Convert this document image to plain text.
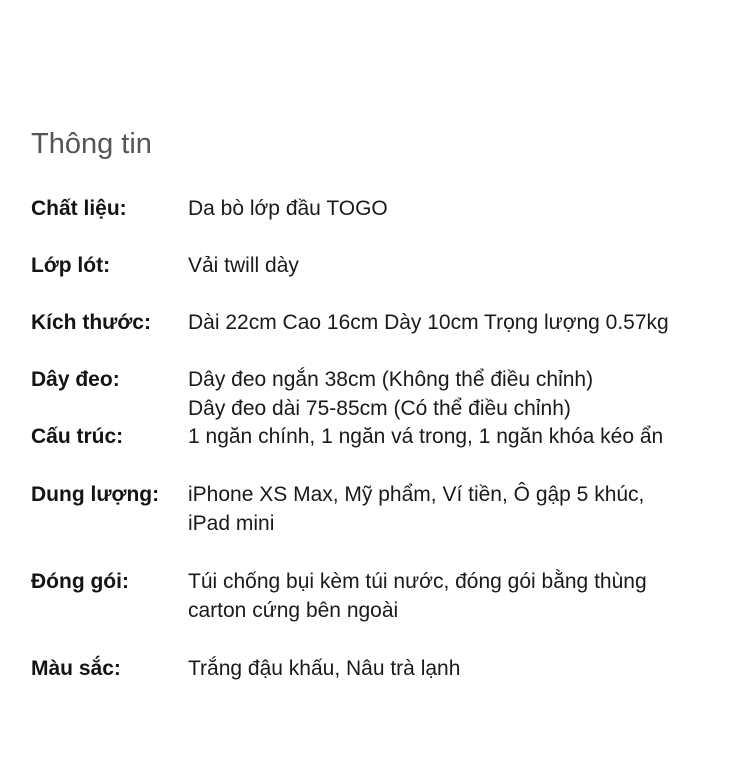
Thông tin
Chất liệu:	Da bò lớp đầu TOGO
Lớp lót:	Vải twill dày
Kích thước: Dài 22cm Cao 16cm Dày 10cm Trọng lượng 0.57kg
Dây đeo:	Dây đeo ngắn 38cm (Không thể điều chỉnh)
Dây đeo dài 75-85cm (Có thể điều chỉnh)
Cấu trúc:	1 ngăn chính, 1 ngăn vá trong, 1 ngăn khóa kéo ẩn
Dung lượng: iPhone XS Max, Mỹ phẩm, Ví tiền, Ô gập 5 khúc,
iPad mini
Đóng gói:	Túi chống bụi kèm túi nước, đóng gói bằng thùng
carton cứng bên ngoài
Màu sắc:	Trắng đậu khấu, Nâu trà lạnh
